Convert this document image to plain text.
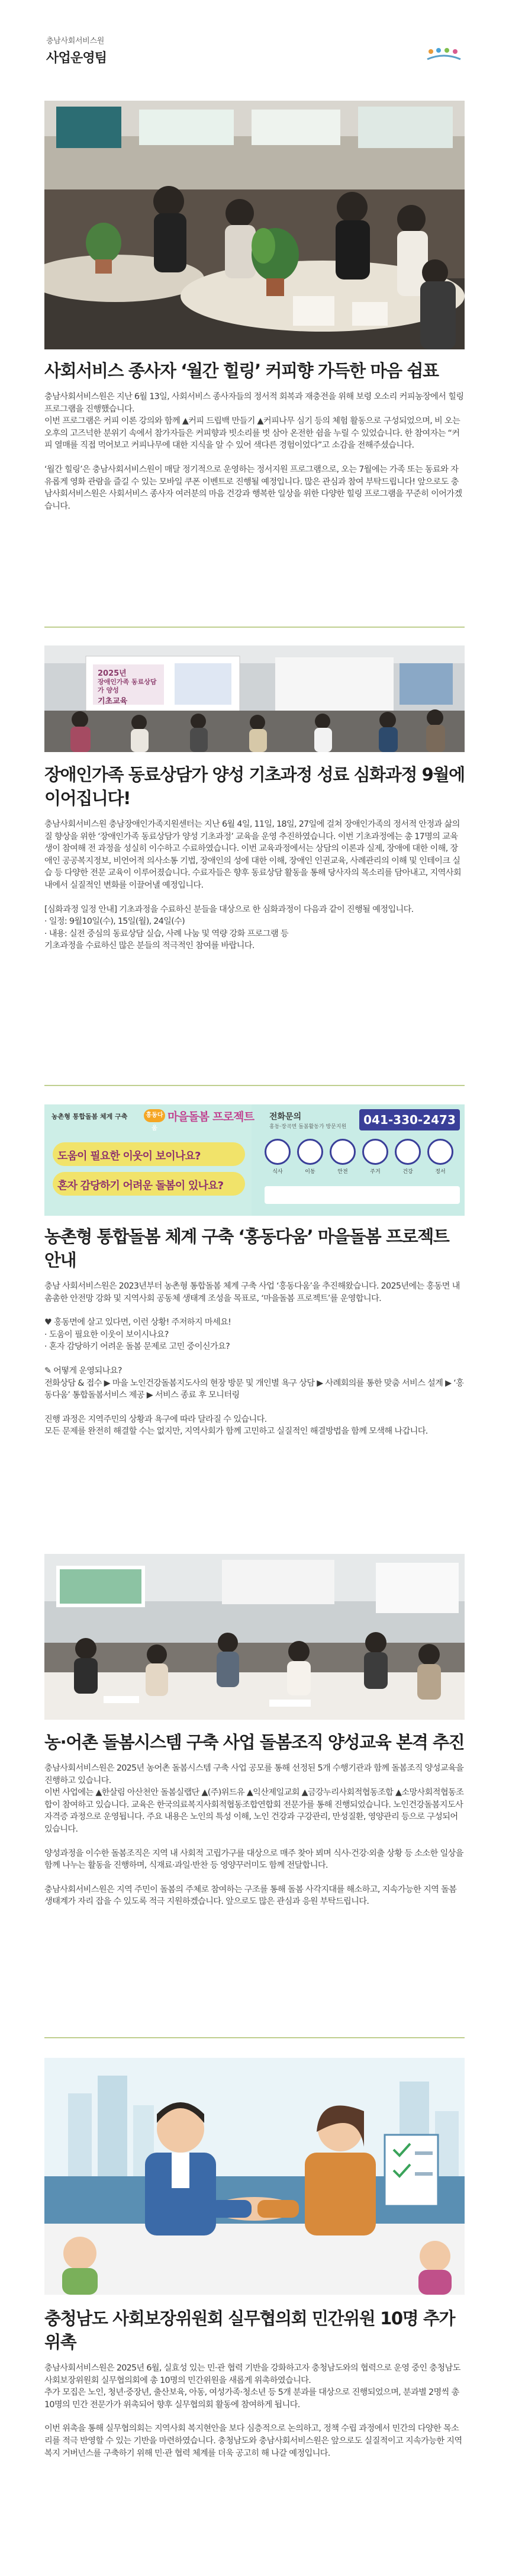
충남사회서비스원
사업운영팀
사회서비스 종사자 ‘월간 힐링’ 커피향 가득한 마음 쉼표

충남사회서비스원은 지난 6월 13일, 사회서비스 종사자들의 정서적 회복과 재충전을 위해 보령 오소리 커피농장에서 힐링 프로그램을 진행했습니다.
이번 프로그램은 커피 이론 강의와 함께 ▲커피 드립백 만들기 ▲커피나무 심기 등의 체험 활동으로 구성되었으며, 비 오는 오후의 고즈넉한 분위기 속에서 참가자들은 커피향과 빗소리를 벗 삼아 온전한 쉼을 누릴 수 있었습니다. 한 참여자는 “커피 열매를 직접 먹어보고 커피나무에 대한 지식을 알 수 있어 색다른 경험이었다”고 소감을 전해주셨습니다.

‘월간 힐링’은 충남사회서비스원이 매달 정기적으로 운영하는 정서지원 프로그램으로, 오는 7월에는 가족 또는 동료와 자유롭게 영화 관람을 즐길 수 있는 모바일 쿠폰 이벤트로 진행될 예정입니다. 많은 관심과 참여 부탁드립니다! 앞으로도 충남사회서비스원은 사회서비스 종사자 여러분의 마음 건강과 행복한 일상을 위한 다양한 힐링 프로그램을 꾸준히 이어가겠습니다.

2025년
장애인가족 동료상담가 양성
기초교육
장애인가족 동료상담가 양성 기초과정 성료 심화과정 9월에 이어집니다!

충남사회서비스원 충남장애인가족지원센터는 지난 6월 4일, 11일, 18일, 27일에 걸쳐 장애인가족의 정서적 안정과 삶의 질 향상을 위한 ‘장애인가족 동료상담가 양성 기초과정’ 교육을 운영 추진하였습니다. 이번 기초과정에는 총 17명의 교육생이 참여해 전 과정을 성실히 이수하고 수료하였습니다. 이번 교육과정에서는 상담의 이론과 실제, 장애에 대한 이해, 장애인 공공복지정보, 비언어적 의사소통 기법, 장애인의 성에 대한 이해, 장애인 인권교육, 사례관리의 이해 및 인테이크 실습 등 다양한 전문 교육이 이루어졌습니다. 수료자들은 향후 동료상담 활동을 통해 당사자의 목소리를 담아내고, 지역사회 내에서 실질적인 변화를 이끌어낼 예정입니다.

[심화과정 일정 안내] 기초과정을 수료하신 분들을 대상으로 한 심화과정이 다음과 같이 진행될 예정입니다.
· 일정: 9월10일(수), 15일(월), 24일(수)
· 내용: 실전 중심의 동료상담 실습, 사례 나눔 및 역량 강화 프로그램 등
기초과정을 수료하신 많은 분들의 적극적인 참여를 바랍니다.

농촌형 통합돌봄 체계 구축	흥동다움
마을돌봄 프로젝트
도움이 필요한 이웃이 보이나요?
혼자 감당하기 어려운 돌봄이 있나요?
전화문의
홍동·장곡면 돌봄활동가 방문지원	041-330-2473
식사	이동	안전	주거	건강	정서
농촌형 통합돌봄 체계 구축 ‘홍동다움’ 마을돌봄 프로젝트 안내

충남 사회서비스원은 2023년부터 농촌형 통합돌봄 체계 구축 사업 ‘홍동다움’을 추진해왔습니다. 2025년에는 홍동면 내 촘촘한 안전망 강화 및 지역사회 공동체 생태계 조성을 목표로, ‘마을돌봄 프로젝트’를 운영합니다.

♥ 홍동면에 살고 있다면, 이런 상황! 주저하지 마세요!
· 도움이 필요한 이웃이 보이시나요?
· 혼자 감당하기 어려운 돌봄 문제로 고민 중이신가요?

✎ 어떻게 운영되나요?
전화상담 & 접수 ▶ 마을 노인건강돌봄지도사의 현장 방문 및 개인별 욕구 상담 ▶ 사례회의를 통한 맞춤 서비스 설계 ▶ ‘홍동다움’ 통합돌봄서비스 제공 ▶ 서비스 종료 후 모니터링

진행 과정은 지역주민의 상황과 욕구에 따라 달라질 수 있습니다.
모든 문제를 완전히 해결할 수는 없지만, 지역사회가 함께 고민하고 실질적인 해결방법을 함께 모색해 나갑니다.

농·어촌 돌봄시스템 구축 사업 돌봄조직 양성교육 본격 추진

충남사회서비스원은 2025년 농어촌 돌봄시스템 구축 사업 공모를 통해 선정된 5개 수행기관과 함께 돌봄조직 양성교육을 진행하고 있습니다.
이번 사업에는 ▲한살림 아산천안 돌봄실랩단 ▲(주)위드유 ▲익산제일교회 ▲금강누리사회적협동조합 ▲소망사회적협동조합이 참여하고 있습니다. 교육은 한국의료복지사회적협동조합연합회 전문가를 통해 진행되었습니다. 노인건강돌봄지도사 자격증 과정으로 운영됩니다. 주요 내용은 노인의 특성 이해, 노인 건강과 구강관리, 만성질환, 영양관리 등으로 구성되어 있습니다.

양성과정을 이수한 돌봄조직은 지역 내 사회적 고립가구를 대상으로 매주 찾아 뵈며 식사·건강·외출 상황 등 소소한 일상을 함께 나누는 활동을 진행하며, 식재료·과일·반찬 등 영양꾸러미도 함께 전달합니다.

충남사회서비스원은 지역 주민이 돌봄의 주체로 참여하는 구조를 통해 돌봄 사각지대를 해소하고, 지속가능한 지역 돌봄 생태계가 자리 잡을 수 있도록 적극 지원하겠습니다. 앞으로도 많은 관심과 응원 부탁드립니다.

충청남도 사회보장위원회 실무협의회 민간위원 10명 추가 위촉

충남사회서비스원은 2025년 6월, 실효성 있는 민·관 협력 기반을 강화하고자 충청남도와의 협력으로 운영 중인 충청남도 사회보장위원회 실무협의회에 총 10명의 민간위원을 새롭게 위촉하였습니다.
추가 모집은 노인, 청년·중장년, 출산보육, 아동, 여성가족·청소년 등 5개 분과를 대상으로 진행되었으며, 분과별 2명씩 총 10명의 민간 전문가가 위촉되어 향후 실무협의회 활동에 참여하게 됩니다.

이번 위촉을 통해 실무협의회는 지역사회 복지현안을 보다 심층적으로 논의하고, 정책 수립 과정에서 민간의 다양한 목소리를 적극 반영할 수 있는 기반을 마련하였습니다. 충청남도와 충남사회서비스원은 앞으로도 실질적이고 지속가능한 지역복지 거버넌스를 구축하기 위해 민·관 협력 체계를 더욱 공고히 해 나갈 예정입니다.
